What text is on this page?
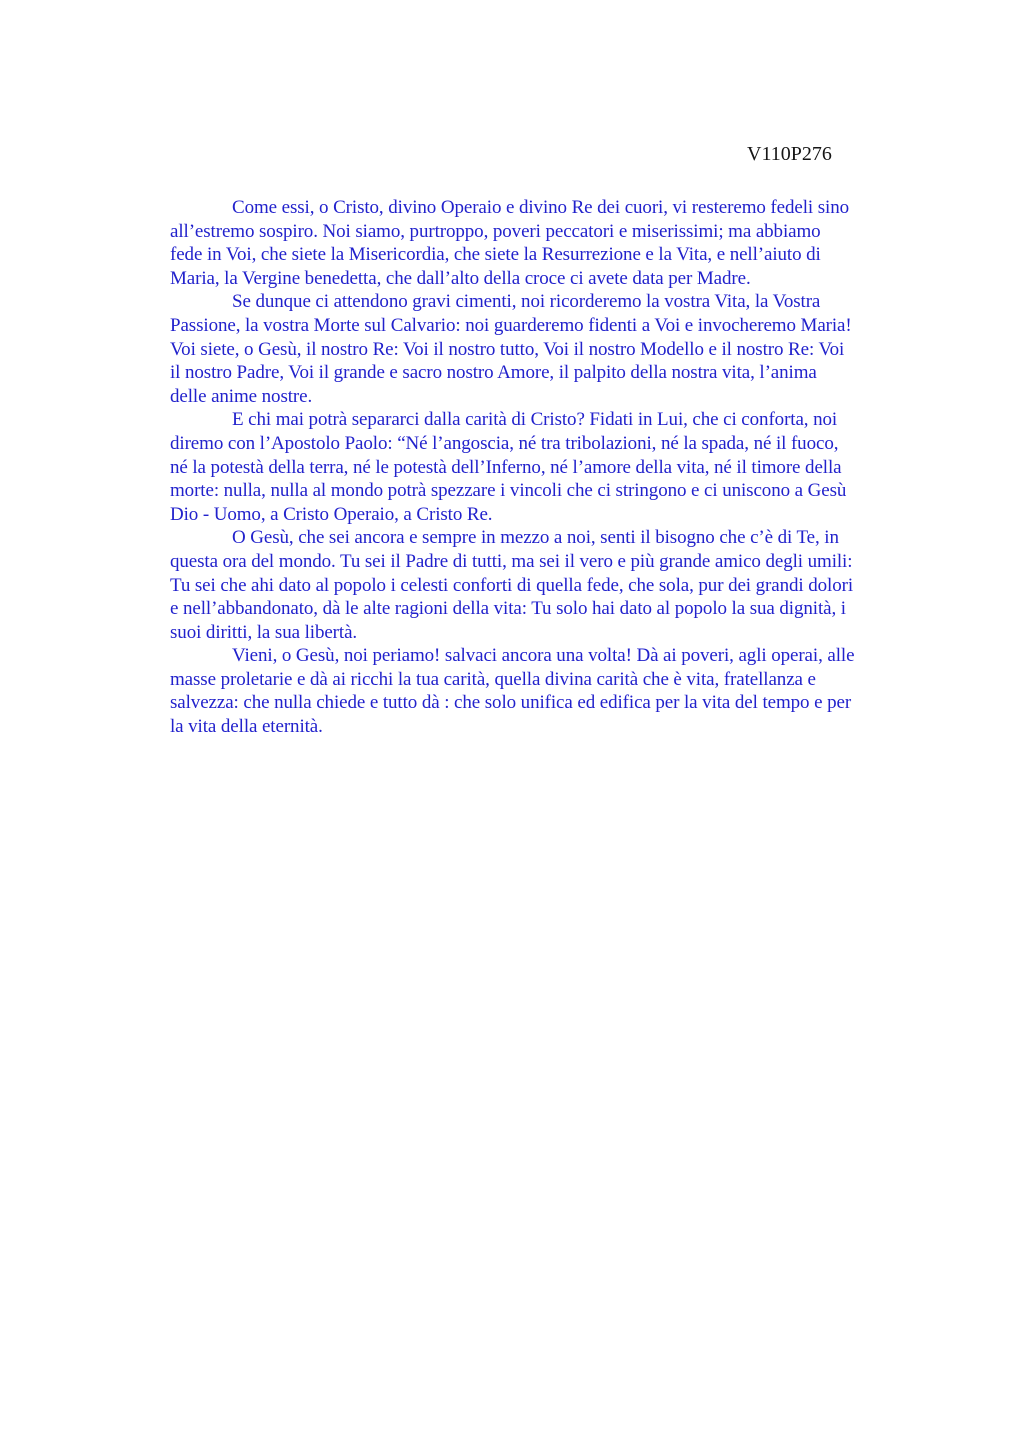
V110P276
Come essi, o Cristo, divino Operaio e divino Re dei cuori, vi resteremo fedeli sino
all’estremo sospiro. Noi siamo, purtroppo, poveri peccatori e miserissimi; ma abbiamo
fede in Voi, che siete la Misericordia, che siete la Resurrezione e la Vita, e nell’aiuto di
Maria, la Vergine benedetta, che dall’alto della croce ci avete data per Madre.
Se dunque ci attendono gravi cimenti, noi ricorderemo la vostra Vita, la Vostra
Passione, la vostra Morte sul Calvario: noi guarderemo fidenti a Voi e invocheremo Maria!
Voi siete, o Gesù, il nostro Re: Voi il nostro tutto, Voi il nostro Modello e il nostro Re: Voi
il nostro Padre, Voi il grande e sacro nostro Amore, il palpito della nostra vita, l’anima
delle anime nostre.
E chi mai potrà separarci dalla carità di Cristo? Fidati in Lui, che ci conforta, noi
diremo con l’Apostolo Paolo: “Né l’angoscia, né tra tribolazioni, né la spada, né il fuoco,
né la potestà della terra, né le potestà dell’Inferno, né l’amore della vita, né il timore della
morte: nulla, nulla al mondo potrà spezzare i vincoli che ci stringono e ci uniscono a Gesù
Dio - Uomo, a Cristo Operaio, a Cristo Re.
O Gesù, che sei ancora e sempre in mezzo a noi, senti il bisogno che c’è di Te, in
questa ora del mondo. Tu sei il Padre di tutti, ma sei il vero e più grande amico degli umili:
Tu sei che ahi dato al popolo i celesti conforti di quella fede, che sola, pur dei grandi dolori
e nell’abbandonato, dà le alte ragioni della vita: Tu solo hai dato al popolo la sua dignità, i
suoi diritti, la sua libertà.
Vieni, o Gesù, noi periamo! salvaci ancora una volta! Dà ai poveri, agli operai, alle
masse proletarie e dà ai ricchi la tua carità, quella divina carità che è vita, fratellanza e
salvezza: che nulla chiede e tutto dà : che solo unifica ed edifica per la vita del tempo e per
la vita della eternità.
